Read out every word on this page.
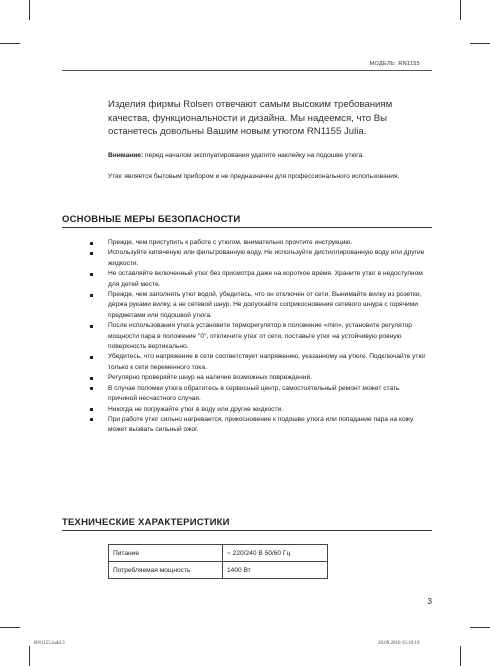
МОДЕЛЬ: RN1155
Изделия фирмы Rolsen отвечают самым высоким требованиям качества, функциональности и дизайна. Мы надеемся, что Вы останетесь довольны Вашим новым утюгом RN1155 Julia.
Внимание: перед началом эксплуатирования удалите наклейку на подошве утюга.
Утюг является бытовым прибором и не предназначен для профессионального использования.
ОСНОВНЫЕ МЕРЫ БЕЗОПАСНОСТИ
Прежде, чем приступить к работе с утюгом, внимательно прочтите инструкцию.
Используйте кипяченую или фильтрованную воду. Не используйте дистиллированную воду или другие жидкости.
Не оставляйте включенный утюг без присмотра даже на короткое время. Храните утюг в недоступном для детей месте.
Прежде, чем заполнять утюг водой, убедитесь, что он отключен от сети. Вынимайте вилку из розетки, держа руками вилку, а не сетевой шнур. Не допускайте соприкосновения сетевого шнура с горячими предметами или подошвой утюга.
После использования утюга установите терморегулятор в положение «min», установите регулятор мощности пара в положение "0", отключите утюг от сети, поставьте утюг на устойчивую ровную поверхность вертикально.
Убедитесь, что напряжение в сети соответствует напряжению, указанному на утюге. Подключайте утюг только к сети переменного тока.
Регулярно проверяйте шнур на наличие возможных повреждений.
В случае поломки утюга обратитесь в сервисный центр, самостоятельный ремонт может стать причиной несчастного случая.
Никогда не погружайте утюг в воду или другие жидкости.
При работе утюг сильно нагревается, прикосновение к подошве утюга или попадание пара на кожу может вызвать сильный ожог.
ТЕХНИЧЕСКИЕ ХАРАКТЕРИСТИКИ
Питание	~ 220/240 В 50/60 Гц
Потребляемая мощность	1400 Вт
3
RN1155.indd 3	20.09.2010 15:10:19
